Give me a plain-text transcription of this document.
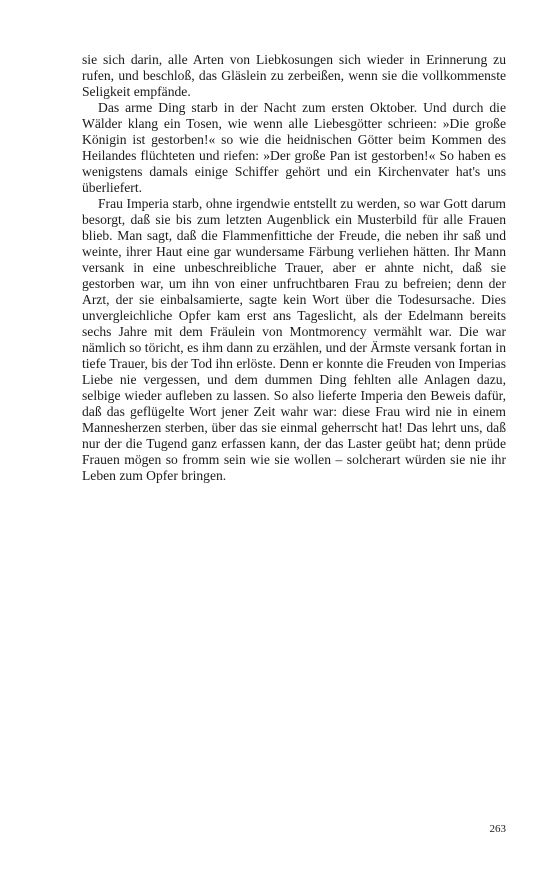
sie sich darin, alle Arten von Liebkosungen sich wieder in Erinnerung zu rufen, und beschloß, das Gläslein zu zerbeißen, wenn sie die vollkommenste Seligkeit empfände.

Das arme Ding starb in der Nacht zum ersten Oktober. Und durch die Wälder klang ein Tosen, wie wenn alle Liebesgötter schrieen: »Die große Königin ist gestorben!« so wie die heidnischen Götter beim Kommen des Heilandes flüchteten und riefen: »Der große Pan ist gestorben!« So haben es wenigstens damals einige Schiffer gehört und ein Kirchenvater hat's uns überliefert.

Frau Imperia starb, ohne irgendwie entstellt zu werden, so war Gott darum besorgt, daß sie bis zum letzten Augenblick ein Musterbild für alle Frauen blieb. Man sagt, daß die Flammenfittiche der Freude, die neben ihr saß und weinte, ihrer Haut eine gar wundersame Färbung verliehen hätten. Ihr Mann versank in eine unbeschreibliche Trauer, aber er ahnte nicht, daß sie gestorben war, um ihn von einer unfruchtbaren Frau zu befreien; denn der Arzt, der sie einbalsamierte, sagte kein Wort über die Todesursache. Dies unvergleichliche Opfer kam erst ans Tageslicht, als der Edelmann bereits sechs Jahre mit dem Fräulein von Montmorency vermählt war. Die war nämlich so töricht, es ihm dann zu erzählen, und der Ärmste versank fortan in tiefe Trauer, bis der Tod ihn erlöste. Denn er konnte die Freuden von Imperias Liebe nie vergessen, und dem dummen Ding fehlten alle Anlagen dazu, selbige wieder aufleben zu lassen. So also lieferte Imperia den Beweis dafür, daß das geflügelte Wort jener Zeit wahr war: diese Frau wird nie in einem Mannesherzen sterben, über das sie einmal geherrscht hat! Das lehrt uns, daß nur der die Tugend ganz erfassen kann, der das Laster geübt hat; denn prüde Frauen mögen so fromm sein wie sie wollen – solcherart würden sie nie ihr Leben zum Opfer bringen.

263
